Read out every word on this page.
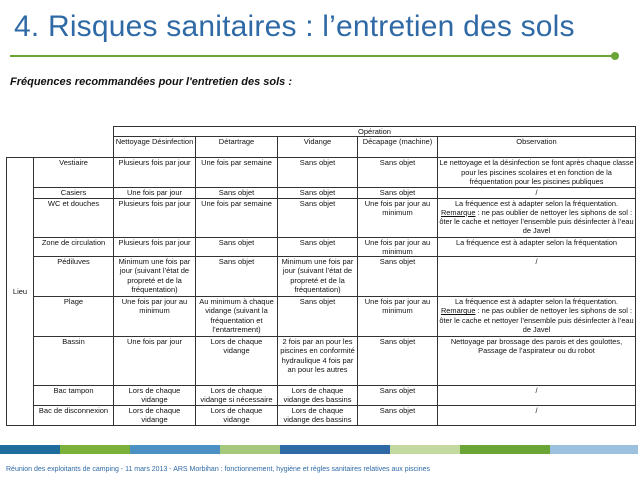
4. Risques sanitaires : l’entretien des sols
Fréquences recommandées pour l'entretien des sols :
		Opération				
		Nettoyage Désinfection	Détartrage	Vidange	Décapage (machine)	Observation
Lieu	Vestiaire	Plusieurs fois par jour	Une fois par semaine	Sans objet	Sans objet	Le nettoyage et la désinfection se font après chaque classe pour les piscines scolaires et en fonction de la fréquentation pour les piscines publiques
	Casiers	Une fois par jour	Sans objet	Sans objet	Sans objet	/
	WC et douches	Plusieurs fois par jour	Une fois par semaine	Sans objet	Une fois par jour au minimum	La fréquence est à adapter selon la fréquentation.
Remarque : ne pas oublier de nettoyer les siphons de sol : ôter le cache et nettoyer l’ensemble puis désinfecter à l’eau de Javel
	Zone de circulation	Plusieurs fois par jour	Sans objet	Sans objet	Une fois par jour au minimum	La fréquence est à adapter selon la fréquentation
	Pédiluves	Minimum une fois par jour (suivant l’état de propreté et de la fréquentation)	Sans objet	Minimum une fois par jour (suivant l’état de propreté et de la fréquentation)	Sans objet	/
	Plage	Une fois par jour au minimum	Au minimum à chaque vidange (suivant la fréquentation et l’entartrement)	Sans objet	Une fois par jour au minimum	La fréquence est à adapter selon la fréquentation.
Remarque : ne pas oublier de nettoyer les siphons de sol : ôter le cache et nettoyer l’ensemble puis désinfecter à l’eau de Javel
	Bassin	Une fois par jour	Lors de chaque vidange	2 fois par an pour les piscines en conformité hydraulique 4 fois par an pour les autres	Sans objet	Nettoyage par brossage des parois et des goulottes, Passage de l’aspirateur ou du robot
	Bac tampon	Lors de chaque vidange	Lors de chaque vidange si nécessaire	Lors de chaque vidange des bassins	Sans objet	/
	Bac de disconnexion	Lors de chaque vidange	Lors de chaque vidange	Lors de chaque vidange des bassins	Sans objet	/
Réunion des exploitants de camping - 11 mars 2013 - ARS Morbihan : fonctionnement, hygiène et règles sanitaires relatives aux piscines
